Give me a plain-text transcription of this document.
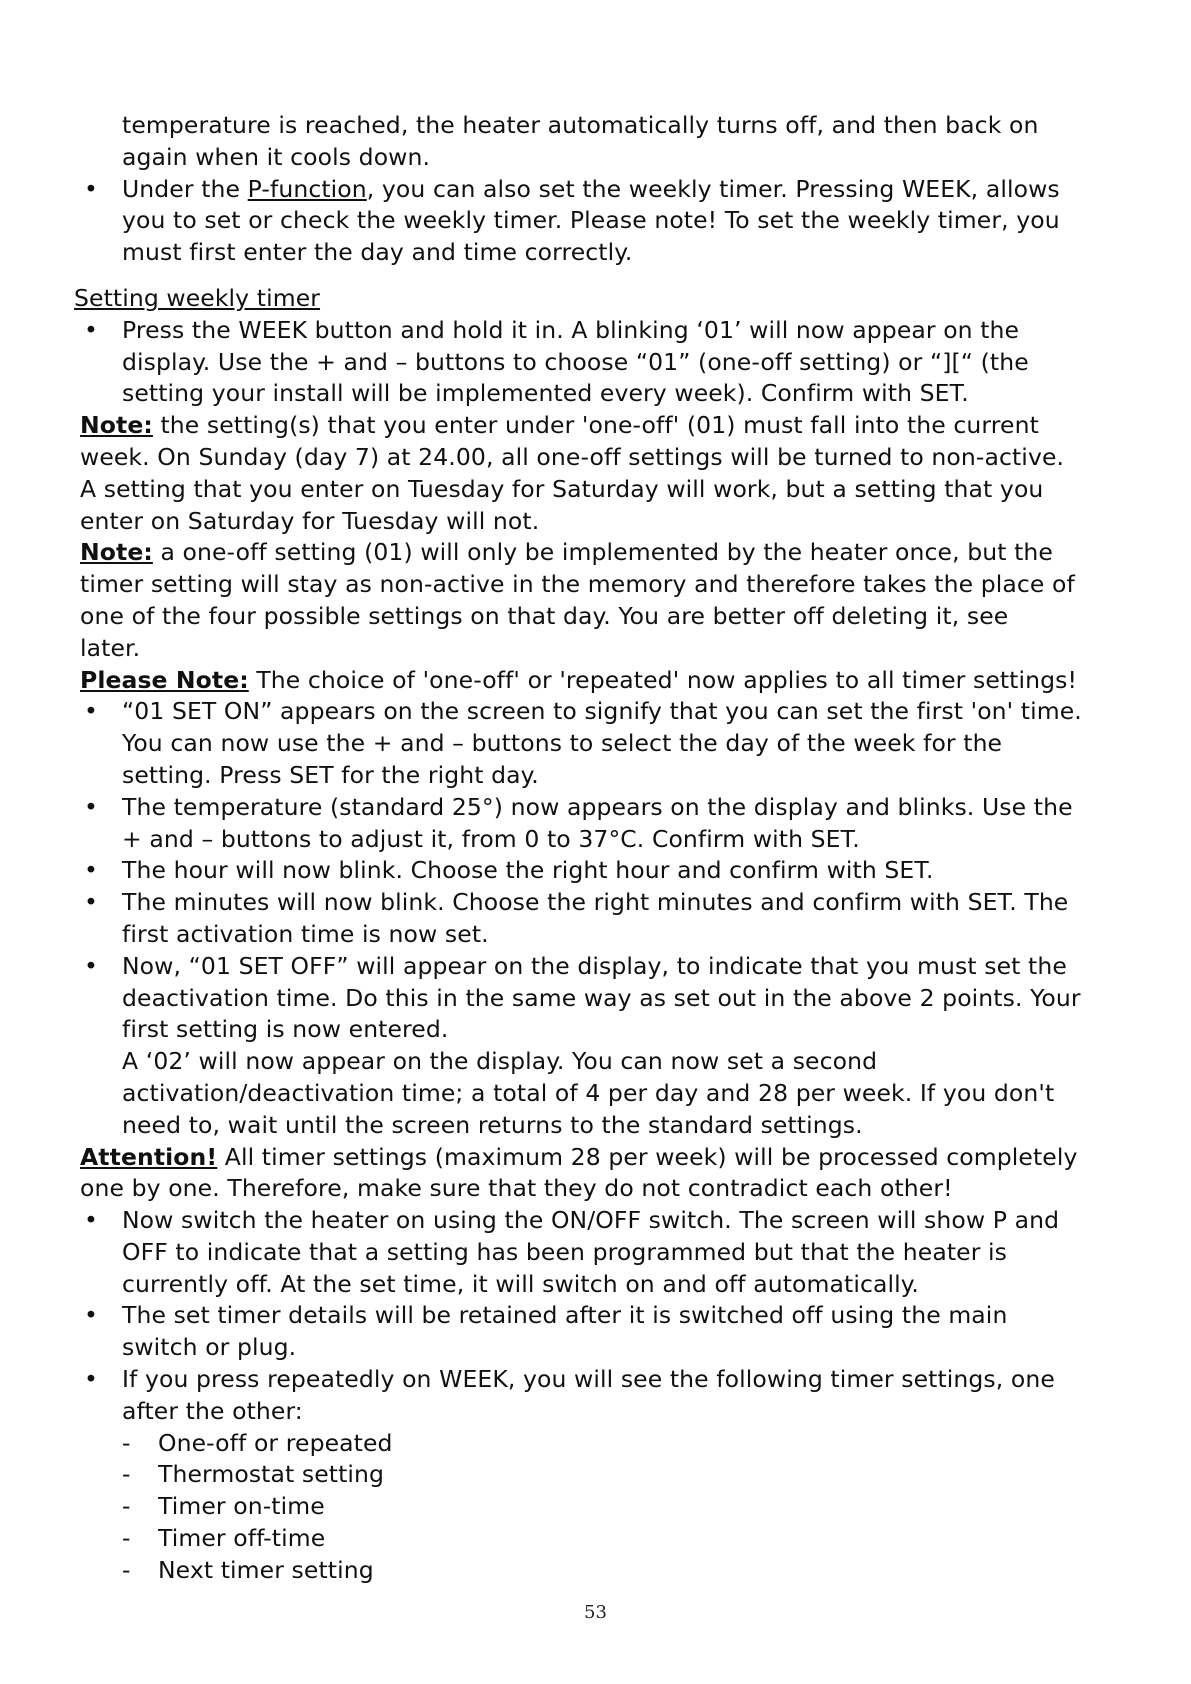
temperature is reached, the heater automatically turns off, and then back on
again when it cools down.
• Under the P-function, you can also set the weekly timer. Pressing WEEK, allows
you to set or check the weekly timer. Please note! To set the weekly timer, you
must first enter the day and time correctly.
Setting weekly timer
• Press the WEEK button and hold it in. A blinking ‘01’ will now appear on the
display. Use the + and – buttons to choose “01” (one-off setting) or “][“ (the
setting your install will be implemented every week). Confirm with SET.
Note: the setting(s) that you enter under 'one-off' (01) must fall into the current
week. On Sunday (day 7) at 24.00, all one-off settings will be turned to non-active.
A setting that you enter on Tuesday for Saturday will work, but a setting that you
enter on Saturday for Tuesday will not.
Note: a one-off setting (01) will only be implemented by the heater once, but the
timer setting will stay as non-active in the memory and therefore takes the place of
one of the four possible settings on that day. You are better off deleting it, see
later.
Please Note: The choice of 'one-off' or 'repeated' now applies to all timer settings!
• “01 SET ON” appears on the screen to signify that you can set the first 'on' time.
You can now use the + and – buttons to select the day of the week for the
setting. Press SET for the right day.
• The temperature (standard 25°) now appears on the display and blinks. Use the
+ and – buttons to adjust it, from 0 to 37°C. Confirm with SET.
• The hour will now blink. Choose the right hour and confirm with SET.
• The minutes will now blink. Choose the right minutes and confirm with SET. The
first activation time is now set.
• Now, “01 SET OFF” will appear on the display, to indicate that you must set the
deactivation time. Do this in the same way as set out in the above 2 points. Your
first setting is now entered.
A ‘02’ will now appear on the display. You can now set a second
activation/deactivation time; a total of 4 per day and 28 per week. If you don't
need to, wait until the screen returns to the standard settings.
Attention! All timer settings (maximum 28 per week) will be processed completely
one by one. Therefore, make sure that they do not contradict each other!
• Now switch the heater on using the ON/OFF switch. The screen will show P and
OFF to indicate that a setting has been programmed but that the heater is
currently off. At the set time, it will switch on and off automatically.
• The set timer details will be retained after it is switched off using the main
switch or plug.
• If you press repeatedly on WEEK, you will see the following timer settings, one
after the other:
- One-off or repeated
- Thermostat setting
- Timer on-time
- Timer off-time
- Next timer setting
53
